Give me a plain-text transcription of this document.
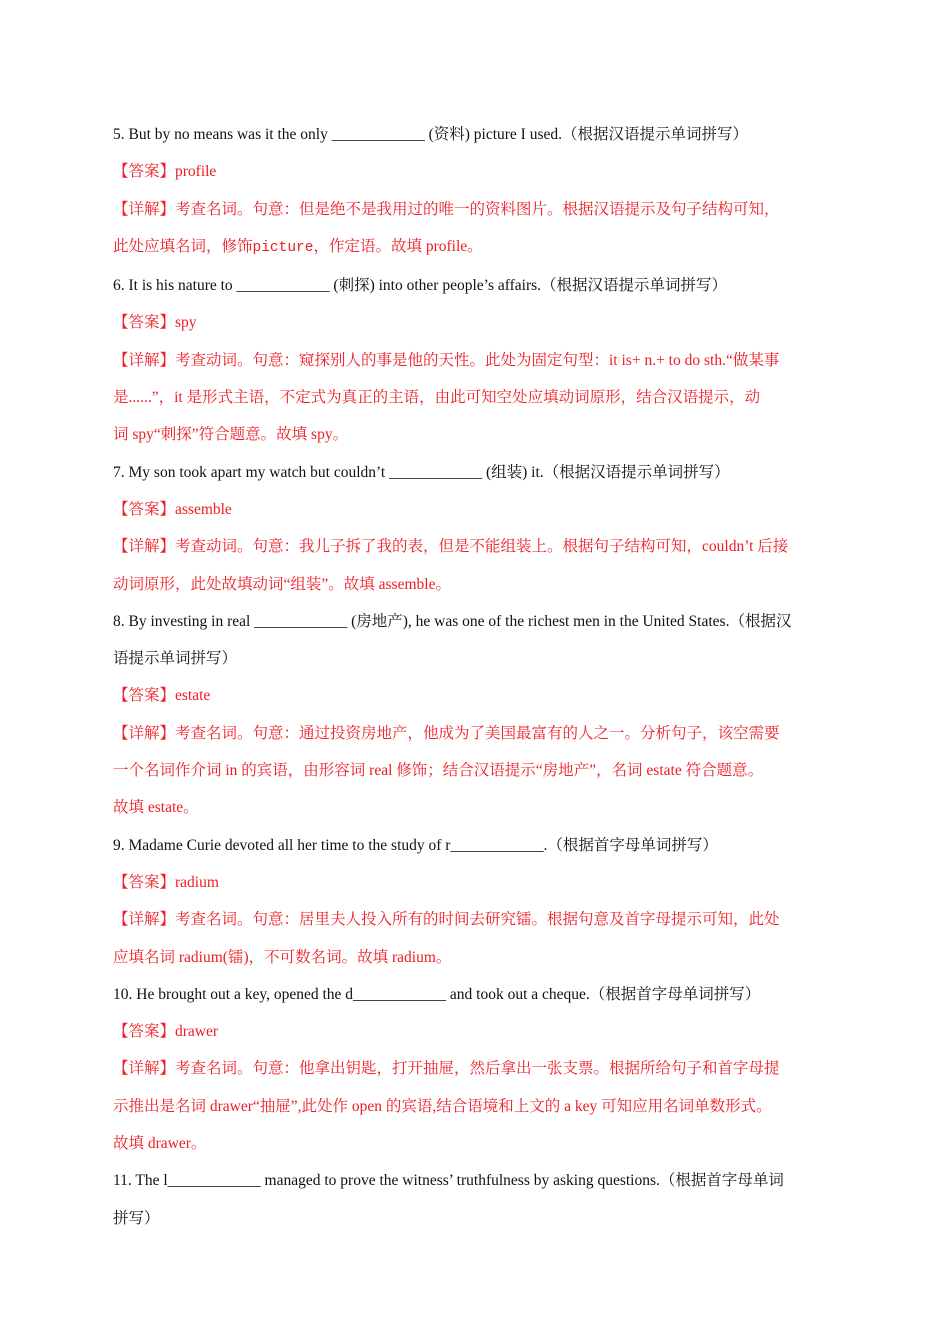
5. But by no means was it the only ____________ (资料) picture I used.（根据汉语提示单词拼写）

【答案】profile

【详解】考查名词。句意：但是绝不是我用过的唯一的资料图片。根据汉语提示及句子结构可知，

此处应填名词，修饰picture，作定语。故填 profile。

6. It is his nature to ____________ (刺探) into other people’s affairs.（根据汉语提示单词拼写）

【答案】spy

【详解】考查动词。句意：窥探别人的事是他的天性。此处为固定句型：it is+ n.+ to do sth.“做某事

是......”，it 是形式主语，不定式为真正的主语，由此可知空处应填动词原形，结合汉语提示，动

词 spy“刺探”符合题意。故填 spy。

7. My son took apart my watch but couldn’t ____________ (组装) it.（根据汉语提示单词拼写）

【答案】assemble

【详解】考查动词。句意：我儿子拆了我的表，但是不能组装上。根据句子结构可知，couldn’t 后接

动词原形，此处故填动词“组装”。故填 assemble。

8. By investing in real ____________ (房地产), he was one of the richest men in the United States.（根据汉

语提示单词拼写）

【答案】estate

【详解】考查名词。句意：通过投资房地产，他成为了美国最富有的人之一。分析句子，该空需要

一个名词作介词 in 的宾语，由形容词 real 修饰；结合汉语提示“房地产”，名词 estate 符合题意。

故填 estate。

9. Madame Curie devoted all her time to the study of r____________.（根据首字母单词拼写）

【答案】radium

【详解】考查名词。句意：居里夫人投入所有的时间去研究镭。根据句意及首字母提示可知，此处

应填名词 radium(镭)，不可数名词。故填 radium。

10. He brought out a key, opened the d____________ and took out a cheque.（根据首字母单词拼写）

【答案】drawer

【详解】考查名词。句意：他拿出钥匙，打开抽屉，然后拿出一张支票。根据所给句子和首字母提

示推出是名词 drawer“抽屉”,此处作 open 的宾语,结合语境和上文的 a key 可知应用名词单数形式。

故填 drawer。

11. The l____________ managed to prove the witness’ truthfulness by asking questions.（根据首字母单词

拼写）
